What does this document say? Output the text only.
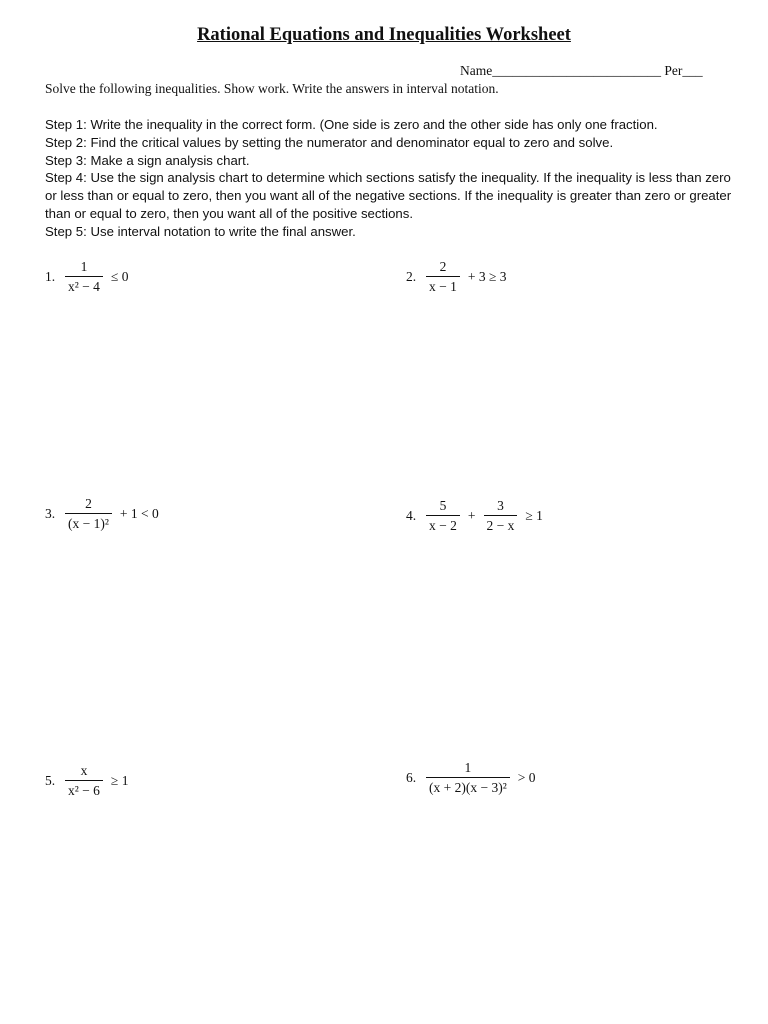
Rational Equations and Inequalities Worksheet
Name_________________________ Per___
Solve the following inequalities. Show work. Write the answers in interval notation.

Step 1: Write the inequality in the correct form. (One side is zero and the other side has only one fraction.

Step 2: Find the critical values by setting the numerator and denominator equal to zero and solve.

Step 3: Make a sign analysis chart.

Step 4: Use the sign analysis chart to determine which sections satisfy the inequality. If the inequality is less than zero or less than or equal to zero, then you want all of the negative sections. If the inequality is greater than zero or greater than or equal to zero, then you want all of the positive sections.

Step 5: Use interval notation to write the final answer.

1. $\frac{1}{\text{x² − 4}} \le 0$	2. $\frac{2}{x - 1} + 3 \ge 3$
3. $\frac{2}{\text{(x − 1)²}} + 1 < 0$	4. $\frac{5}{x - 2} + \frac{3}{2 - x} \ge 1$
5. $\frac{x}{\text{x² − 6}} \ge 1$	6. $\frac{1}{\text{(x + 2)(x − 3)²}} > 0$
